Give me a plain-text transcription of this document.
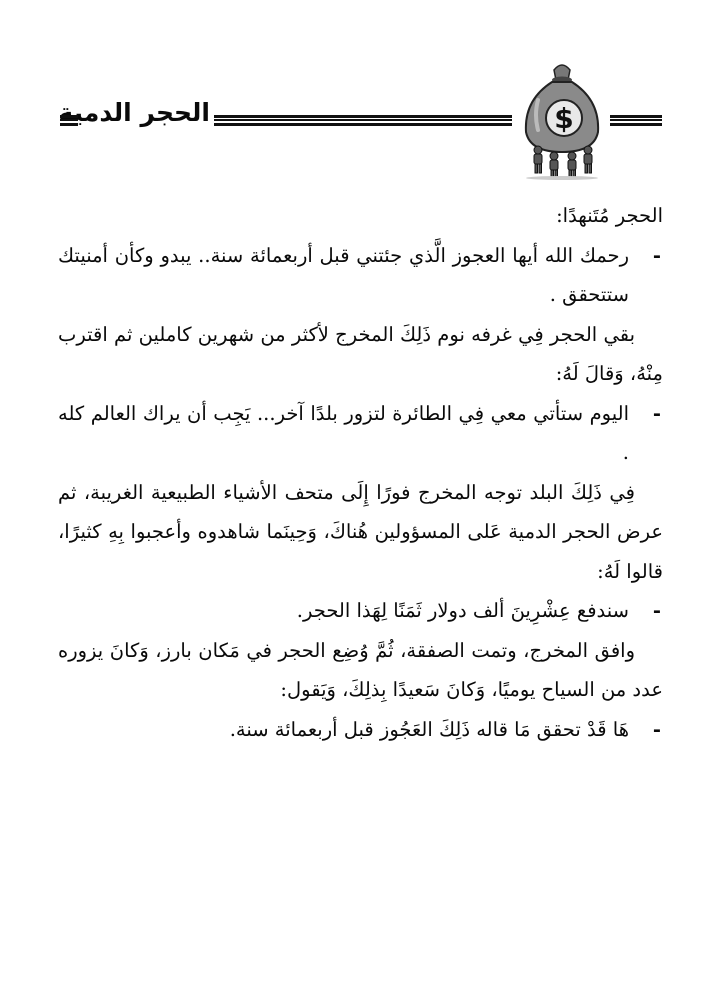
$
الحجر الدمية

الحجر مُتَنهدًا:

-
رحمك الله أيها العجوز الَّذي جئتني قبل أربعمائة سنة.. يبدو وكأن أمنيتك ستتحقق .

بقي الحجر فِي غرفه نوم ذَلِكَ المخرج لأكثر من شهرين كاملين ثم اقترب مِنْهُ، وَقالَ لَهُ:

-
اليوم ستأتي معي فِي الطائرة لتزور بلدًا آخر... يَجِب أن يراك العالم كله .

فِي ذَلِكَ البلد توجه المخرج فورًا إِلَى متحف الأشياء الطبيعية الغريبة، ثم عرض الحجر الدمية عَلى المسؤولين هُناكَ، وَحِينَما شاهدوه وأعجبوا بِهِ كثيرًا، قالوا لَهُ:

-
سندفع عِشْرِينَ ألف دولار ثَمَنًا لِهَذا الحجر.

وافق المخرج، وتمت الصفقة، ثُمَّ وُضِع الحجر في مَكان بارز، وَكانَ يزوره عدد من السياح يوميًا، وَكانَ سَعيدًا بِذلِكَ، وَيَقول:

-
هَا قَدْ تحقق مَا قاله ذَلِكَ العَجُوز قبل أربعمائة سنة.
